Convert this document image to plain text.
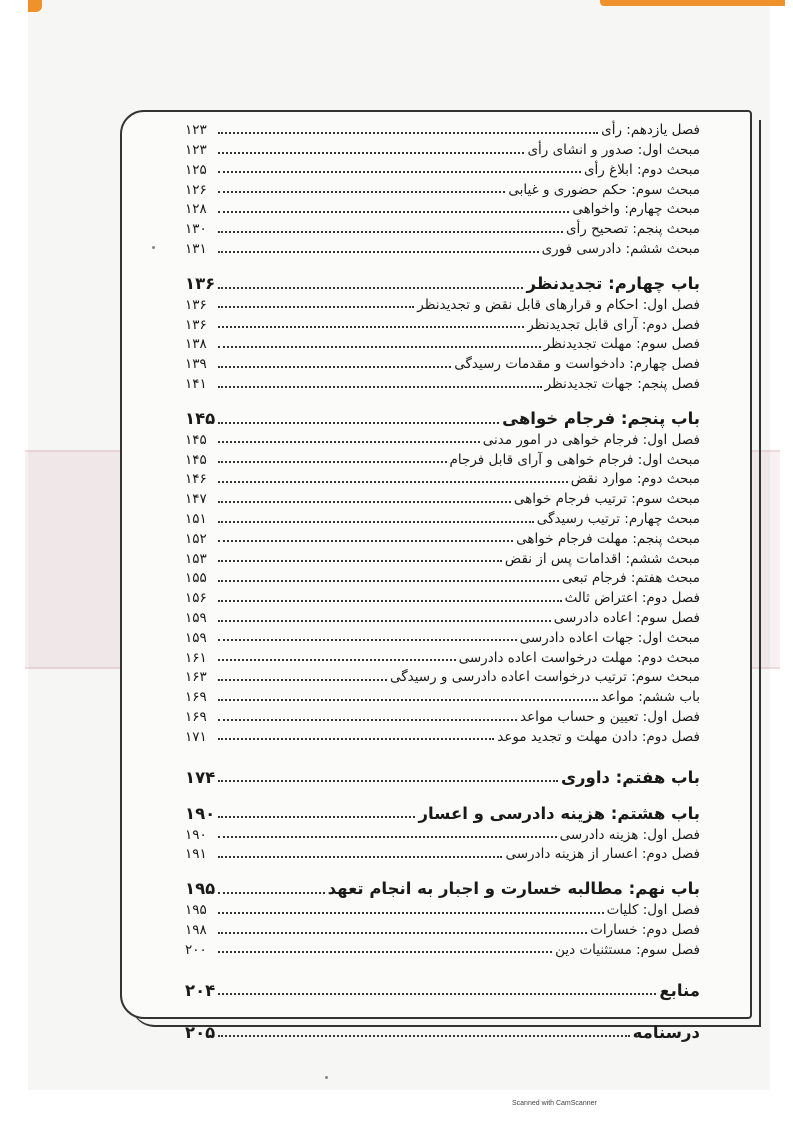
فصل یازدهم: رأی
۱۲۳
مبحث اول: صدور و انشای رأی
۱۲۳
مبحث دوم: ابلاغ رأی
۱۲۵
مبحث سوم: حکم حضوری و غیابی
۱۲۶
مبحث چهارم: واخواهی
۱۲۸
مبحث پنجم: تصحیح رأی
۱۳۰
مبحث ششم: دادرسی فوری
۱۳۱
باب چهارم: تجدیدنظر
۱۳۶
فصل اول: احکام و قرارهای قابل نقض و تجدیدنظر
۱۳۶
فصل دوم: آرای قابل تجدیدنظر
۱۳۶
فصل سوم: مهلت تجدیدنظر
۱۳۸
فصل چهارم: دادخواست و مقدمات رسیدگی
۱۳۹
فصل پنجم: جهات تجدیدنظر
۱۴۱
باب پنجم: فرجام خواهی
۱۴۵
فصل اول: فرجام خواهی در امور مدنی
۱۴۵
مبحث اول: فرجام خواهی و آرای قابل فرجام
۱۴۵
مبحث دوم: موارد نقض
۱۴۶
مبحث سوم: ترتیب فرجام خواهی
۱۴۷
مبحث چهارم: ترتیب رسیدگی
۱۵۱
مبحث پنجم: مهلت فرجام خواهی
۱۵۲
مبحث ششم: اقدامات پس از نقض
۱۵۳
مبحث هفتم: فرجام تبعی
۱۵۵
فصل دوم: اعتراض ثالث
۱۵۶
فصل سوم: اعاده دادرسی
۱۵۹
مبحث اول: جهات اعاده دادرسی
۱۵۹
مبحث دوم: مهلت درخواست اعاده دادرسی
۱۶۱
مبحث سوم: ترتیب درخواست اعاده دادرسی و رسیدگی
۱۶۳
باب ششم: مواعد
۱۶۹
فصل اول: تعیین و حساب مواعد
۱۶۹
فصل دوم: دادن مهلت و تجدید موعد
۱۷۱
باب هفتم: داوری
۱۷۴
باب هشتم: هزینه دادرسی و اعسار
۱۹۰
فصل اول: هزینه دادرسی
۱۹۰
فصل دوم: اعسار از هزینه دادرسی
۱۹۱
باب نهم: مطالبه خسارت و اجبار به انجام تعهد
۱۹۵
فصل اول: کلیات
۱۹۵
فصل دوم: خسارات
۱۹۸
فصل سوم: مستثنیات دین
۲۰۰
منابع
۲۰۴
درسنامه
۲۰۵
Scanned with CamScanner
